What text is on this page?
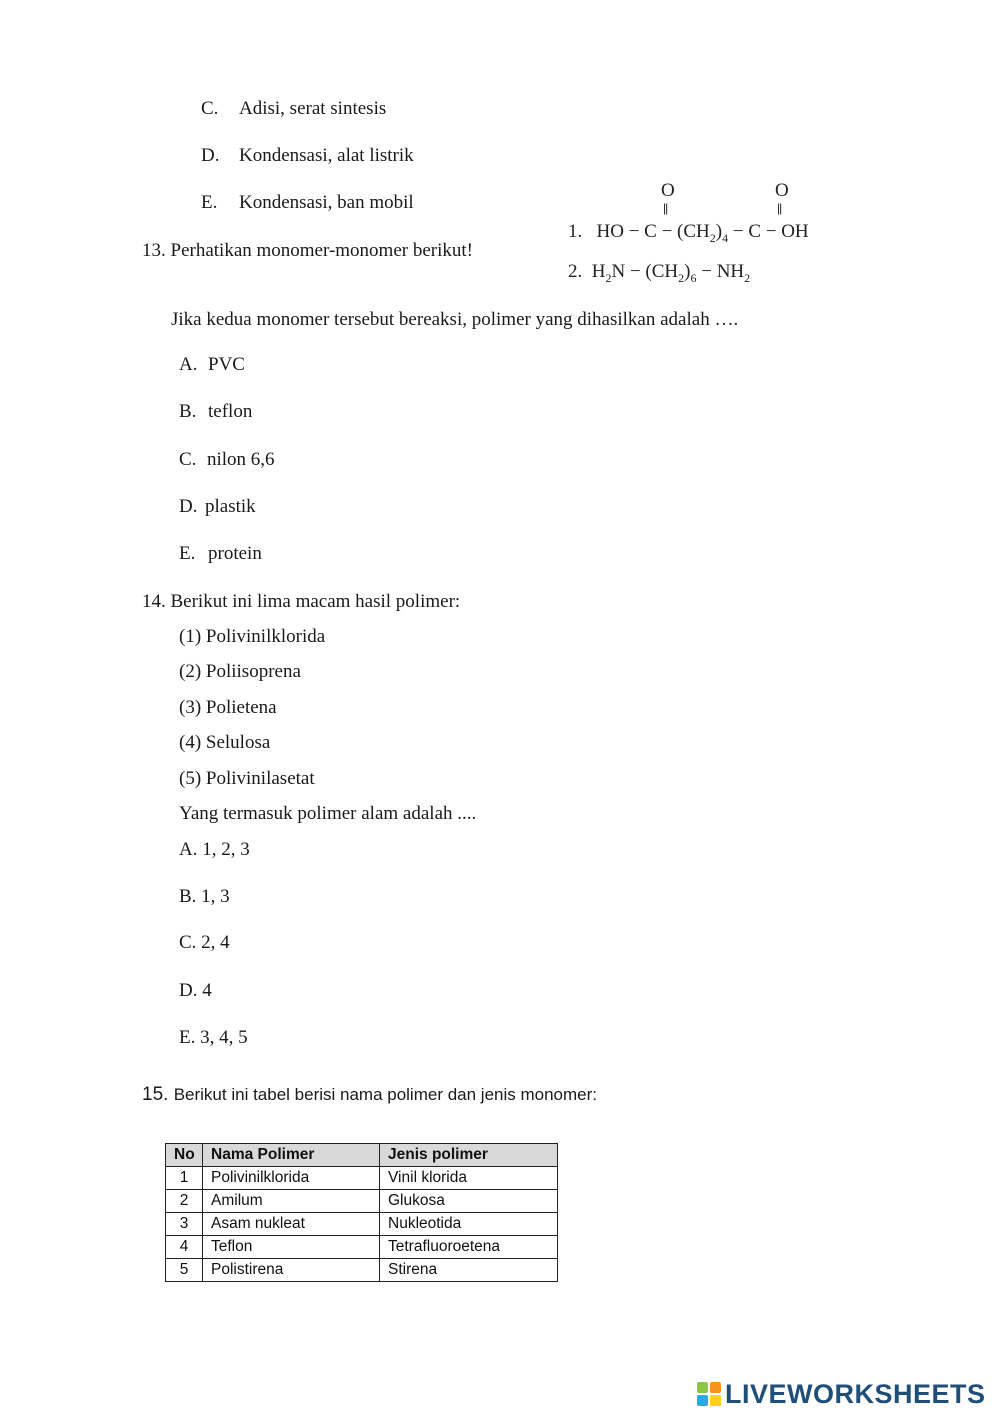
C. Adisi, serat sintesis
D. Kondensasi, alat listrik
E. Kondensasi, ban mobil
13. Perhatikan monomer-monomer berikut!
O	O
||	||
1. HO − $C - (CH_2)_4 - C$ − OH
2. $H_2N - (CH_2)_6 - NH_2$
Jika kedua monomer tersebut bereaksi, polimer yang dihasilkan adalah ….
A. PVC
B. teflon
C. nilon 6,6
D. plastik
E. protein
14. Berikut ini lima macam hasil polimer:
(1) Polivinilklorida
(2) Poliisoprena
(3) Polietena
(4) Selulosa
(5) Polivinilasetat
Yang termasuk polimer alam adalah ....
A. 1, 2, 3
B. 1, 3
C. 2, 4
D. 4
E. 3, 4, 5
15. Berikut ini tabel berisi nama polimer dan jenis monomer:
No	Nama Polimer	Jenis polimer
1	Polivinilklorida	Vinil klorida
2	Amilum	Glukosa
3	Asam nukleat	Nukleotida
4	Teflon	Tetrafluoroetena
5	Polistirena	Stirena
LIVEWORKSHEETS
